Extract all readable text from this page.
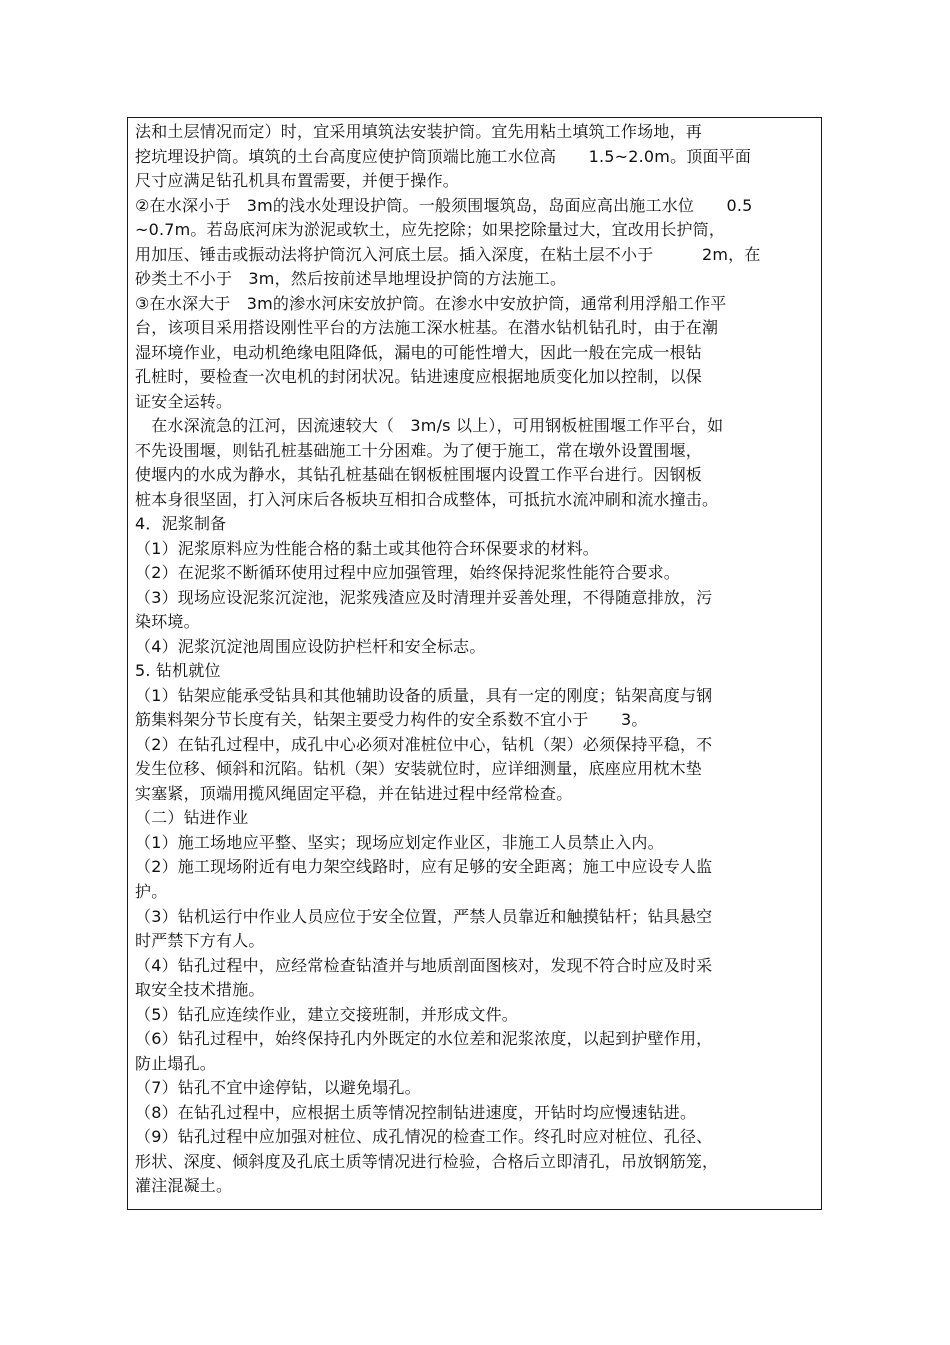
法和土层情况而定）时，宜采用填筑法安装护筒。宜先用粘土填筑工作场地，再
挖坑埋设护筒。填筑的土台高度应使护筒顶端比施工水位高　　1.5~2.0m。顶面平面
尺寸应满足钻孔机具布置需要，并便于操作。
②在水深小于　3m的浅水处理设护筒。一般须围堰筑岛，岛面应高出施工水位　　0.5
~0.7m。若岛底河床为淤泥或软土，应先挖除；如果挖除量过大，宜改用长护筒，
用加压、锤击或振动法将护筒沉入河底土层。插入深度，在粘土层不小于　　　2m，在
砂类土不小于　3m，然后按前述旱地埋设护筒的方法施工。
③在水深大于　3m的渗水河床安放护筒。在渗水中安放护筒，通常利用浮船工作平
台，该项目采用搭设刚性平台的方法施工深水桩基。在潜水钻机钻孔时，由于在潮
湿环境作业，电动机绝缘电阻降低，漏电的可能性增大，因此一般在完成一根钻
孔桩时，要检查一次电机的封闭状况。钻进速度应根据地质变化加以控制，以保
证安全运转。
　在水深流急的江河，因流速较大（　3m/s 以上），可用钢板桩围堰工作平台，如
不先设围堰，则钻孔桩基础施工十分困难。为了便于施工，常在墩外设置围堰，
使堰内的水成为静水，其钻孔桩基础在钢板桩围堰内设置工作平台进行。因钢板
桩本身很坚固，打入河床后各板块互相扣合成整体，可抵抗水流冲刷和流水撞击。
4．泥浆制备
（1）泥浆原料应为性能合格的黏土或其他符合环保要求的材料。
（2）在泥浆不断循环使用过程中应加强管理，始终保持泥浆性能符合要求。
（3）现场应设泥浆沉淀池，泥浆残渣应及时清理并妥善处理，不得随意排放，污
染环境。
（4）泥浆沉淀池周围应设防护栏杆和安全标志。
5. 钻机就位
（1）钻架应能承受钻具和其他辅助设备的质量，具有一定的刚度；钻架高度与钢
筋集料架分节长度有关，钻架主要受力构件的安全系数不宜小于　　3。
（2）在钻孔过程中，成孔中心必须对准桩位中心，钻机（架）必须保持平稳，不
发生位移、倾斜和沉陷。钻机（架）安装就位时，应详细测量，底座应用枕木垫
实塞紧，顶端用揽风绳固定平稳，并在钻进过程中经常检查。
（二）钻进作业
（1）施工场地应平整、坚实；现场应划定作业区，非施工人员禁止入内。
（2）施工现场附近有电力架空线路时，应有足够的安全距离；施工中应设专人监
护。
（3）钻机运行中作业人员应位于安全位置，严禁人员靠近和触摸钻杆；钻具悬空
时严禁下方有人。
（4）钻孔过程中，应经常检查钻渣并与地质剖面图核对，发现不符合时应及时采
取安全技术措施。
（5）钻孔应连续作业，建立交接班制，并形成文件。
（6）钻孔过程中，始终保持孔内外既定的水位差和泥浆浓度，以起到护壁作用，
防止塌孔。
（7）钻孔不宜中途停钻，以避免塌孔。
（8）在钻孔过程中，应根据土质等情况控制钻进速度，开钻时均应慢速钻进。
（9）钻孔过程中应加强对桩位、成孔情况的检查工作。终孔时应对桩位、孔径、
形状、深度、倾斜度及孔底土质等情况进行检验，合格后立即清孔，吊放钢筋笼，
灌注混凝土。
